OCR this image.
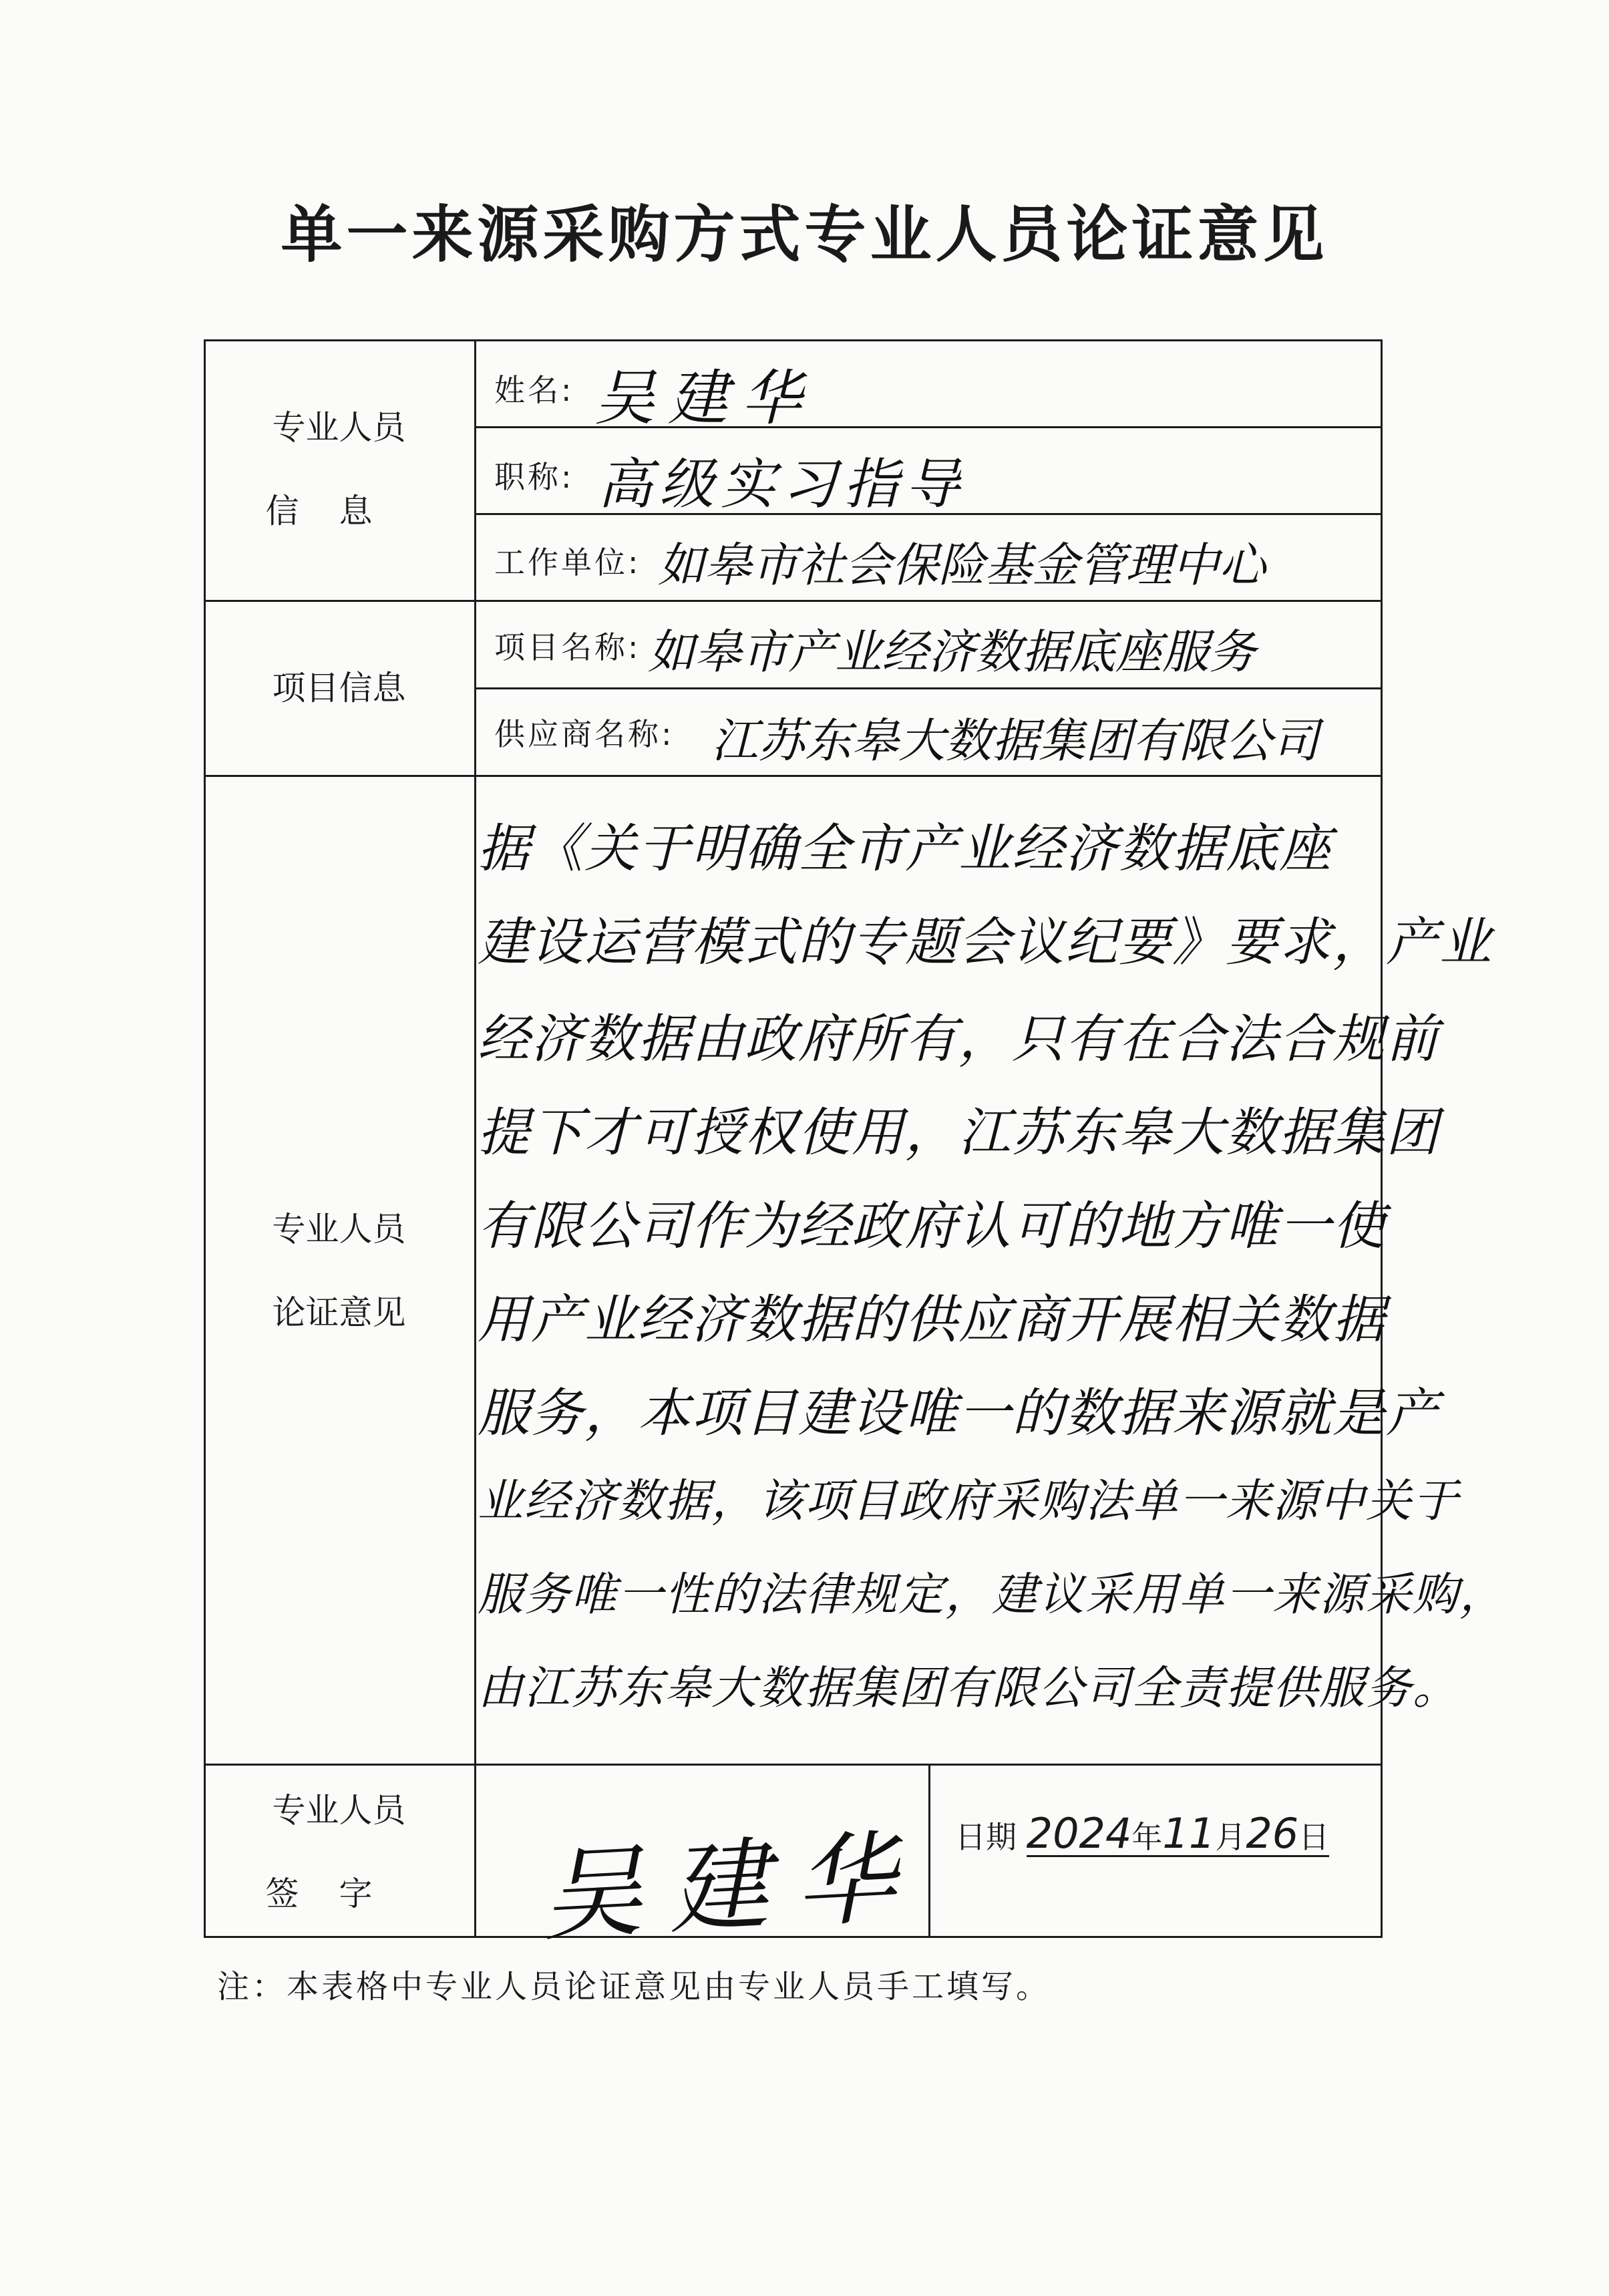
单一来源采购方式专业人员论证意见
专业人员
信息
项目信息
专业人员
论证意见
专业人员
签字
姓名: 吴建华
职称: 高级实习指导
工作单位: 如皋市社会保险基金管理中心
项目名称: 如皋市产业经济数据底座服务
供应商名称: 江苏东皋大数据集团有限公司
据《关于明确全市产业经济数据底座
建设运营模式的专题会议纪要》要求，产业
经济数据由政府所有，只有在合法合规前
提下才可授权使用，江苏东皋大数据集团
有限公司作为经政府认可的地方唯一使
用产业经济数据的供应商开展相关数据
服务，本项目建设唯一的数据来源就是产
业经济数据，该项目政府采购法单一来源中关于
服务唯一性的法律规定，建议采用单一来源采购，
由江苏东皋大数据集团有限公司全责提供服务。
吴建华 日期 2024年11月26日
注：本表格中专业人员论证意见由专业人员手工填写。
